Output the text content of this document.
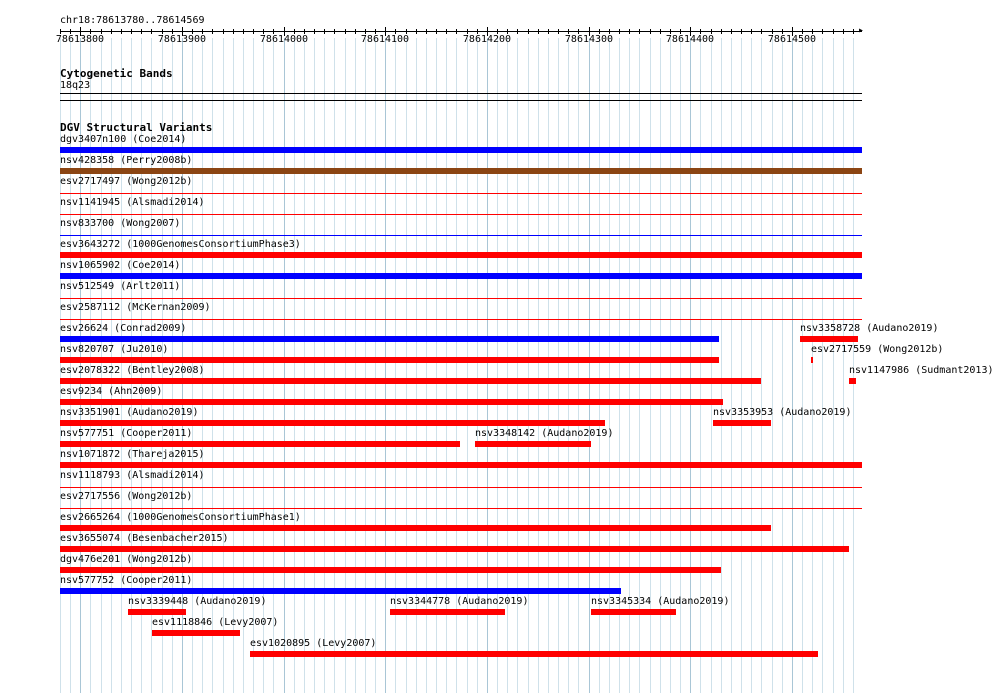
chr18:78613780..78614569
▸
78613800	78613900	78614000	78614100	78614200	78614300	78614400	78614500
Cytogenetic Bands
18q23
DGV Structural Variants
dgv3407n100 (Coe2014)
nsv428358 (Perry2008b)
esv2717497 (Wong2012b)
nsv1141945 (Alsmadi2014)
nsv833700 (Wong2007)
esv3643272 (1000GenomesConsortiumPhase3)
nsv1065902 (Coe2014)
nsv512549 (Arlt2011)
esv2587112 (McKernan2009)
esv26624 (Conrad2009)	nsv3358728 (Audano2019)
nsv820707 (Ju2010)	esv2717559 (Wong2012b)
esv2078322 (Bentley2008)	nsv1147986 (Sudmant2013)
esv9234 (Ahn2009)
nsv3351901 (Audano2019)	nsv3353953 (Audano2019)
nsv577751 (Cooper2011)	nsv3348142 (Audano2019)
nsv1071872 (Thareja2015)
nsv1118793 (Alsmadi2014)
esv2717556 (Wong2012b)
esv2665264 (1000GenomesConsortiumPhase1)
esv3655074 (Besenbacher2015)
dgv476e201 (Wong2012b)
nsv577752 (Cooper2011)
nsv3339448 (Audano2019)	nsv3344778 (Audano2019)	nsv3345334 (Audano2019)
esv1118846 (Levy2007)
esv1020895 (Levy2007)
